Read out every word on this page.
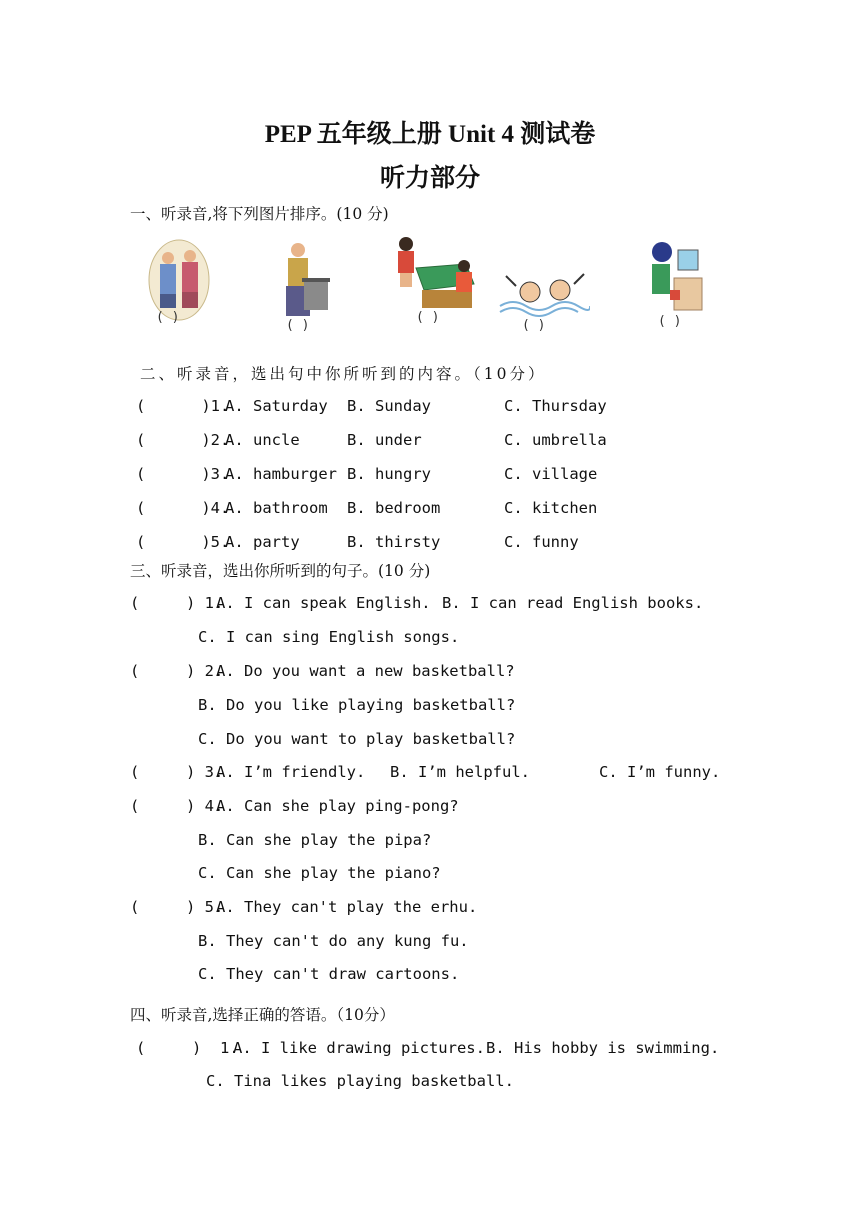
PEP 五年级上册 Unit 4 测试卷
听力部分
一、听录音,将下列图片排序。(10 分)
( )
( )
( )
( )	( )
二、听录音，选出句中你所听到的内容。（10分）
(      )1.
A. Saturday B. Sunday	C. Thursday
(      )2.
A. uncle	B. under	C. umbrella
(      )3.
A. hamburger B. hungry	C. village
(      )4.
A. bathroom B. bedroom	C. kitchen
(      )5.
A. party	B. thirsty	C. funny
三、听录音，选出你所听到的句子。(10 分)
(     ) 1.
A. I can speak English. B. I can read English books.
C. I can sing English songs.
(     ) 2.
A. Do you want a new basketball?
B. Do you like playing basketball?
C. Do you want to play basketball?
(     ) 3.
A. I’m friendly. B. I’m helpful.	C. I’m funny.
(     ) 4.
A. Can she play ping-pong?
B. Can she play the pipa?
C. Can she play the piano?
(     ) 5.
A. They can't play the erhu.
B. They can't do any kung fu.
C. They can't draw cartoons.
四、听录音,选择正确的答语。（10分）
(     )  1.
A. I like drawing pictures. B. His hobby is swimming.
C. Tina likes playing basketball.
